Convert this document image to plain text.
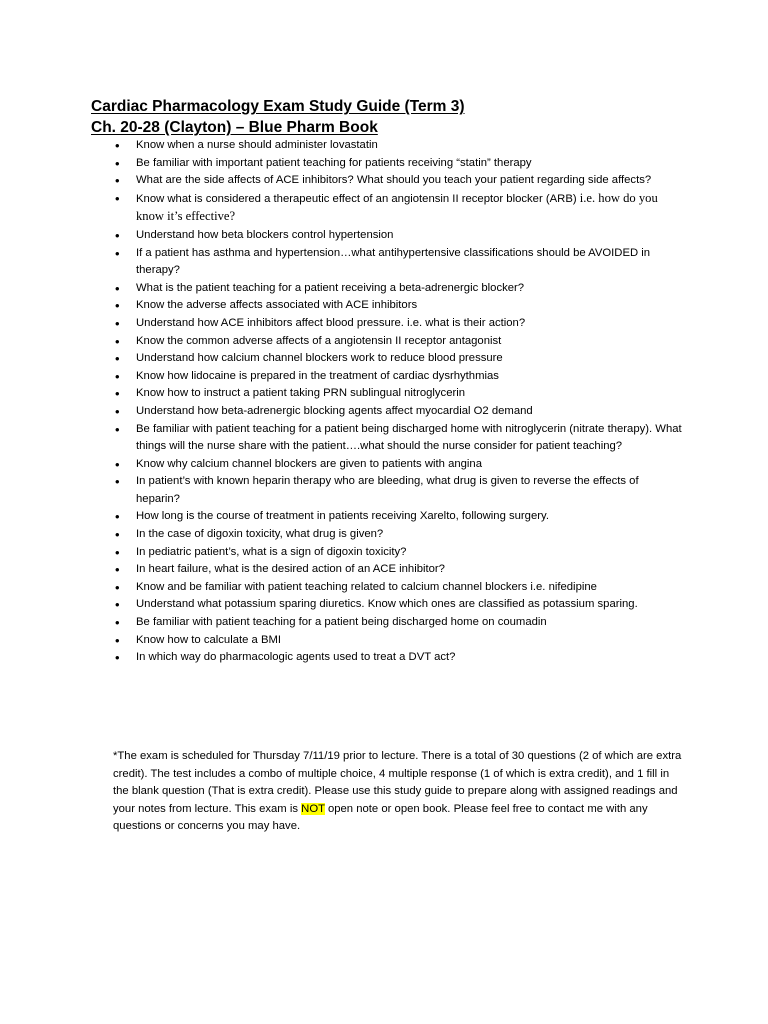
Cardiac Pharmacology Exam Study Guide (Term 3)
Ch. 20-28 (Clayton) – Blue Pharm Book
• Know when a nurse should administer lovastatin
• Be familiar with important patient teaching for patients receiving “statin” therapy
• What are the side affects of ACE inhibitors? What should you teach your patient regarding side affects?
• Know what is considered a therapeutic effect of an angiotensin II receptor blocker (ARB) i.e. how do you know it’s effective?
• Understand how beta blockers control hypertension
• If a patient has asthma and hypertension…what antihypertensive classifications should be AVOIDED in therapy?
• What is the patient teaching for a patient receiving a beta-adrenergic blocker?
• Know the adverse affects associated with ACE inhibitors
• Understand how ACE inhibitors affect blood pressure. i.e. what is their action?
• Know the common adverse affects of a angiotensin II receptor antagonist
• Understand how calcium channel blockers work to reduce blood pressure
• Know how lidocaine is prepared in the treatment of cardiac dysrhythmias
• Know how to instruct a patient taking PRN sublingual nitroglycerin
• Understand how beta-adrenergic blocking agents affect myocardial O2 demand
• Be familiar with patient teaching for a patient being discharged home with nitroglycerin (nitrate therapy). What things will the nurse share with the patient….what should the nurse consider for patient teaching?
• Know why calcium channel blockers are given to patients with angina
• In patient’s with known heparin therapy who are bleeding, what drug is given to reverse the effects of heparin?
• How long is the course of treatment in patients receiving Xarelto, following surgery.
• In the case of digoxin toxicity, what drug is given?
• In pediatric patient’s, what is a sign of digoxin toxicity?
• In heart failure, what is the desired action of an ACE inhibitor?
• Know and be familiar with patient teaching related to calcium channel blockers i.e. nifedipine
• Understand what potassium sparing diuretics. Know which ones are classified as potassium sparing.
• Be familiar with patient teaching for a patient being discharged home on coumadin
• Know how to calculate a BMI
• In which way do pharmacologic agents used to treat a DVT act?

*The exam is scheduled for Thursday 7/11/19 prior to lecture. There is a total of 30 questions (2 of which are extra credit). The test includes a combo of multiple choice, 4 multiple response (1 of which is extra credit), and 1 fill in the blank question (That is extra credit). Please use this study guide to prepare along with assigned readings and your notes from lecture. This exam is NOT open note or open book. Please feel free to contact me with any questions or concerns you may have.
